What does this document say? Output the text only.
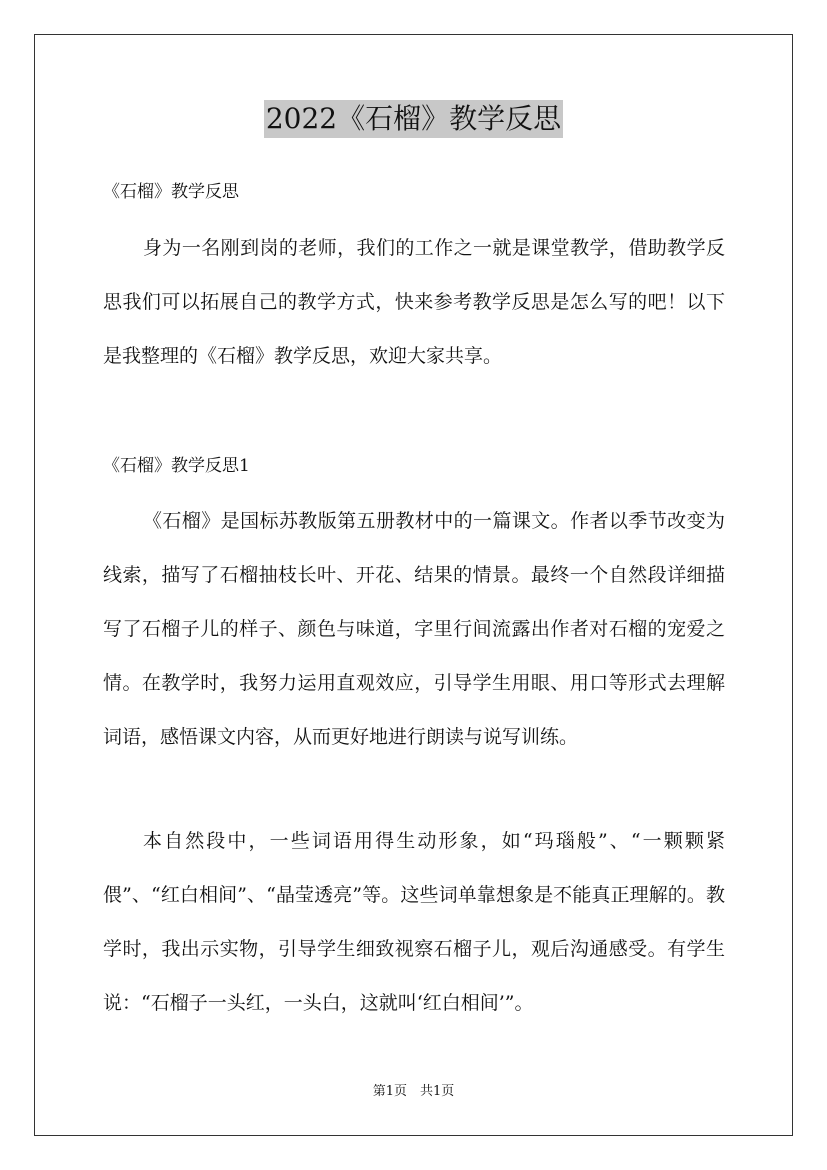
2022《石榴》教学反思
《石榴》教学反思

身为一名刚到岗的老师，我们的工作之一就是课堂教学，借助教学反思我们可以拓展自己的教学方式，快来参考教学反思是怎么写的吧！以下是我整理的《石榴》教学反思，欢迎大家共享。

《石榴》教学反思1

《石榴》是国标苏教版第五册教材中的一篇课文。作者以季节改变为线索，描写了石榴抽枝长叶、开花、结果的情景。最终一个自然段详细描写了石榴子儿的样子、颜色与味道，字里行间流露出作者对石榴的宠爱之情。在教学时，我努力运用直观效应，引导学生用眼、用口等形式去理解词语，感悟课文内容，从而更好地进行朗读与说写训练。

本自然段中，一些词语用得生动形象，如“玛瑙般”、“一颗颗紧偎”、“红白相间”、“晶莹透亮”等。这些词单靠想象是不能真正理解的。教学时，我出示实物，引导学生细致视察石榴子儿，观后沟通感受。有学生说：“石榴子一头红，一头白，这就叫‘红白相间’”。

第1页　共1页
